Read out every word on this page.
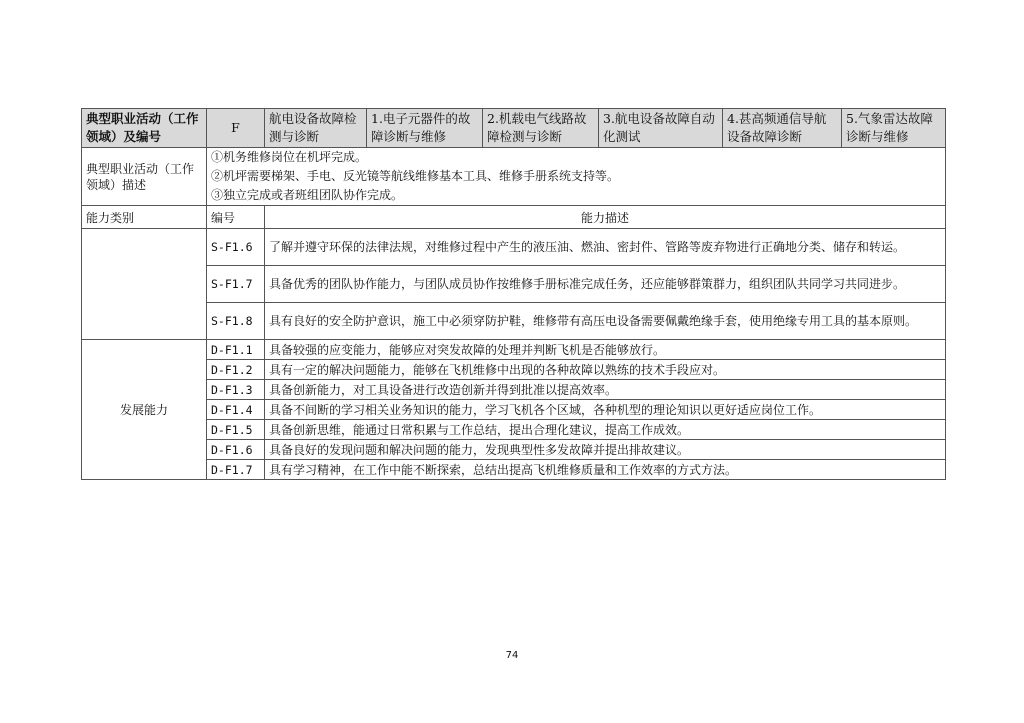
典型职业活动（工作领域）及编号	F	航电设备故障检测与诊断	1.电子元器件的故障诊断与维修	2.机载电气线路故障检测与诊断	3.航电设备故障自动化测试	4.甚高频通信导航设备故障诊断	5.气象雷达故障诊断与维修
典型职业活动（工作领域）描述	①机务维修岗位在机坪完成。
②机坪需要梯架、手电、反光镜等航线维修基本工具、维修手册系统支持等。
③独立完成或者班组团队协作完成。						

能力类别	编号	能力描述					
	S-F1.6	了解并遵守环保的法律法规，对维修过程中产生的液压油、燃油、密封件、管路等废弃物进行正确地分类、储存和转运。					
	S-F1.7	具备优秀的团队协作能力，与团队成员协作按维修手册标准完成任务，还应能够群策群力，组织团队共同学习共同进步。					
	S-F1.8	具有良好的安全防护意识，施工中必须穿防护鞋，维修带有高压电设备需要佩戴绝缘手套，使用绝缘专用工具的基本原则。					
发展能力	D-F1.1	具备较强的应变能力，能够应对突发故障的处理并判断飞机是否能够放行。					
	D-F1.2	具有一定的解决问题能力，能够在飞机维修中出现的各种故障以熟练的技术手段应对。					
	D-F1.3	具备创新能力，对工具设备进行改造创新并得到批准以提高效率。					
	D-F1.4	具备不间断的学习相关业务知识的能力，学习飞机各个区域，各种机型的理论知识以更好适应岗位工作。					
	D-F1.5	具备创新思维，能通过日常积累与工作总结，提出合理化建议，提高工作成效。					
	D-F1.6	具备良好的发现问题和解决问题的能力，发现典型性多发故障并提出排故建议。					
	D-F1.7	具有学习精神，在工作中能不断探索，总结出提高飞机维修质量和工作效率的方式方法。					
74
